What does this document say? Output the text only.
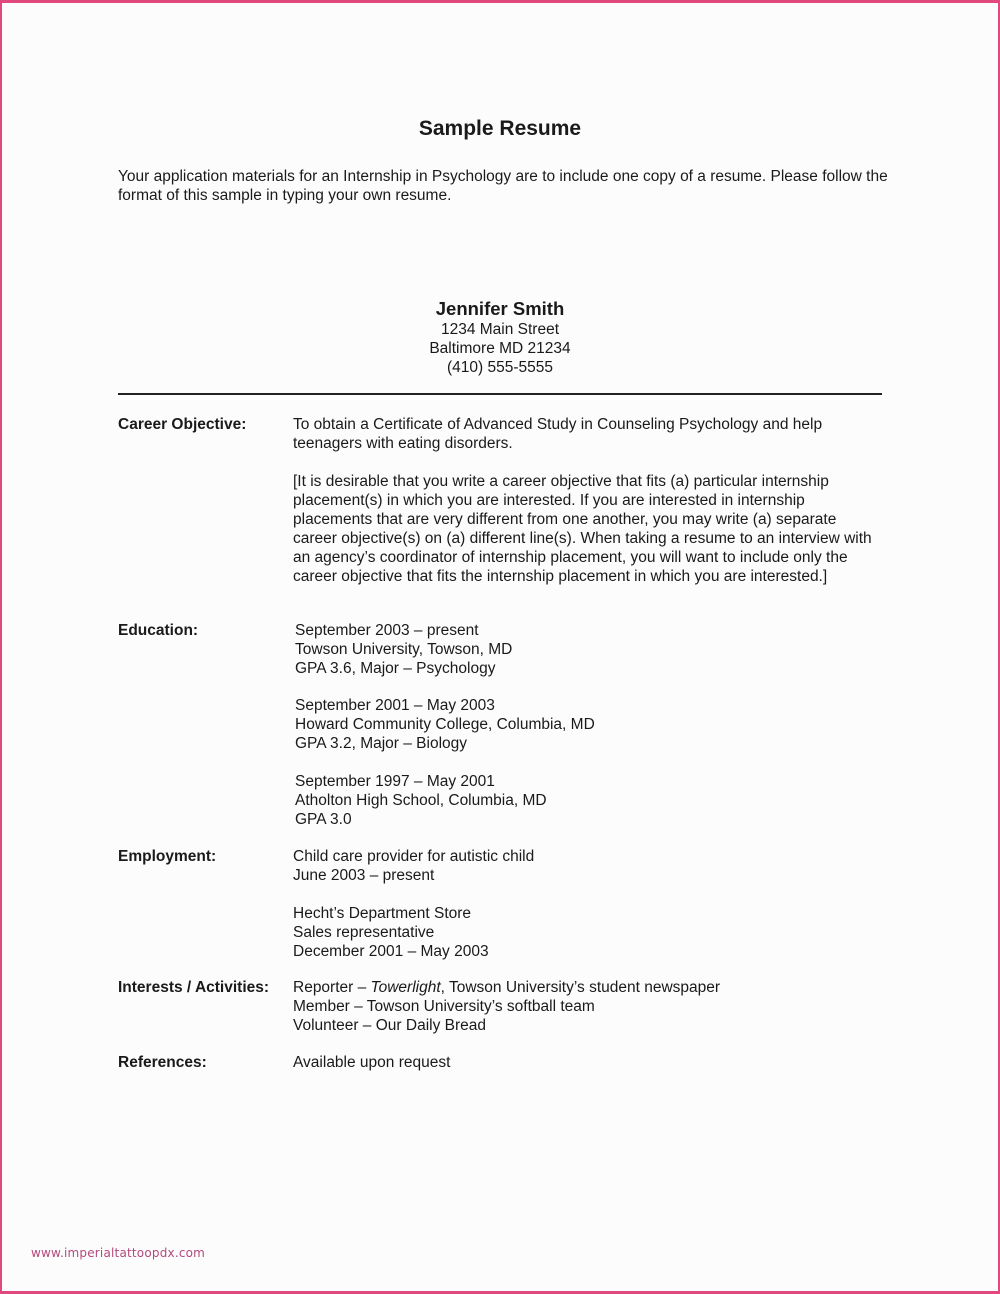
Sample Resume
Your application materials for an Internship in Psychology are to include one copy of a resume. Please follow the format of this sample in typing your own resume.
Jennifer Smith
1234 Main Street
Baltimore MD 21234
(410) 555-5555
Career Objective:	To obtain a Certificate of Advanced Study in Counseling Psychology and help teenagers with eating disorders.
[It is desirable that you write a career objective that fits (a) particular internship placement(s) in which you are interested. If you are interested in internship placements that are very different from one another, you may write (a) separate career objective(s) on (a) different line(s). When taking a resume to an interview with an agency’s coordinator of internship placement, you will want to include only the career objective that fits the internship placement in which you are interested.]
Education:	September 2003 – present
Towson University, Towson, MD
GPA 3.6, Major – Psychology
September 2001 – May 2003
Howard Community College, Columbia, MD
GPA 3.2, Major – Biology
September 1997 – May 2001
Atholton High School, Columbia, MD
GPA 3.0
Employment:	Child care provider for autistic child
June 2003 – present
Hecht’s Department Store
Sales representative
December 2001 – May 2003
Interests / Activities: Reporter – Towerlight, Towson University’s student newspaper
Member – Towson University’s softball team
Volunteer – Our Daily Bread
References:	Available upon request
www.imperialtattoopdx.com
